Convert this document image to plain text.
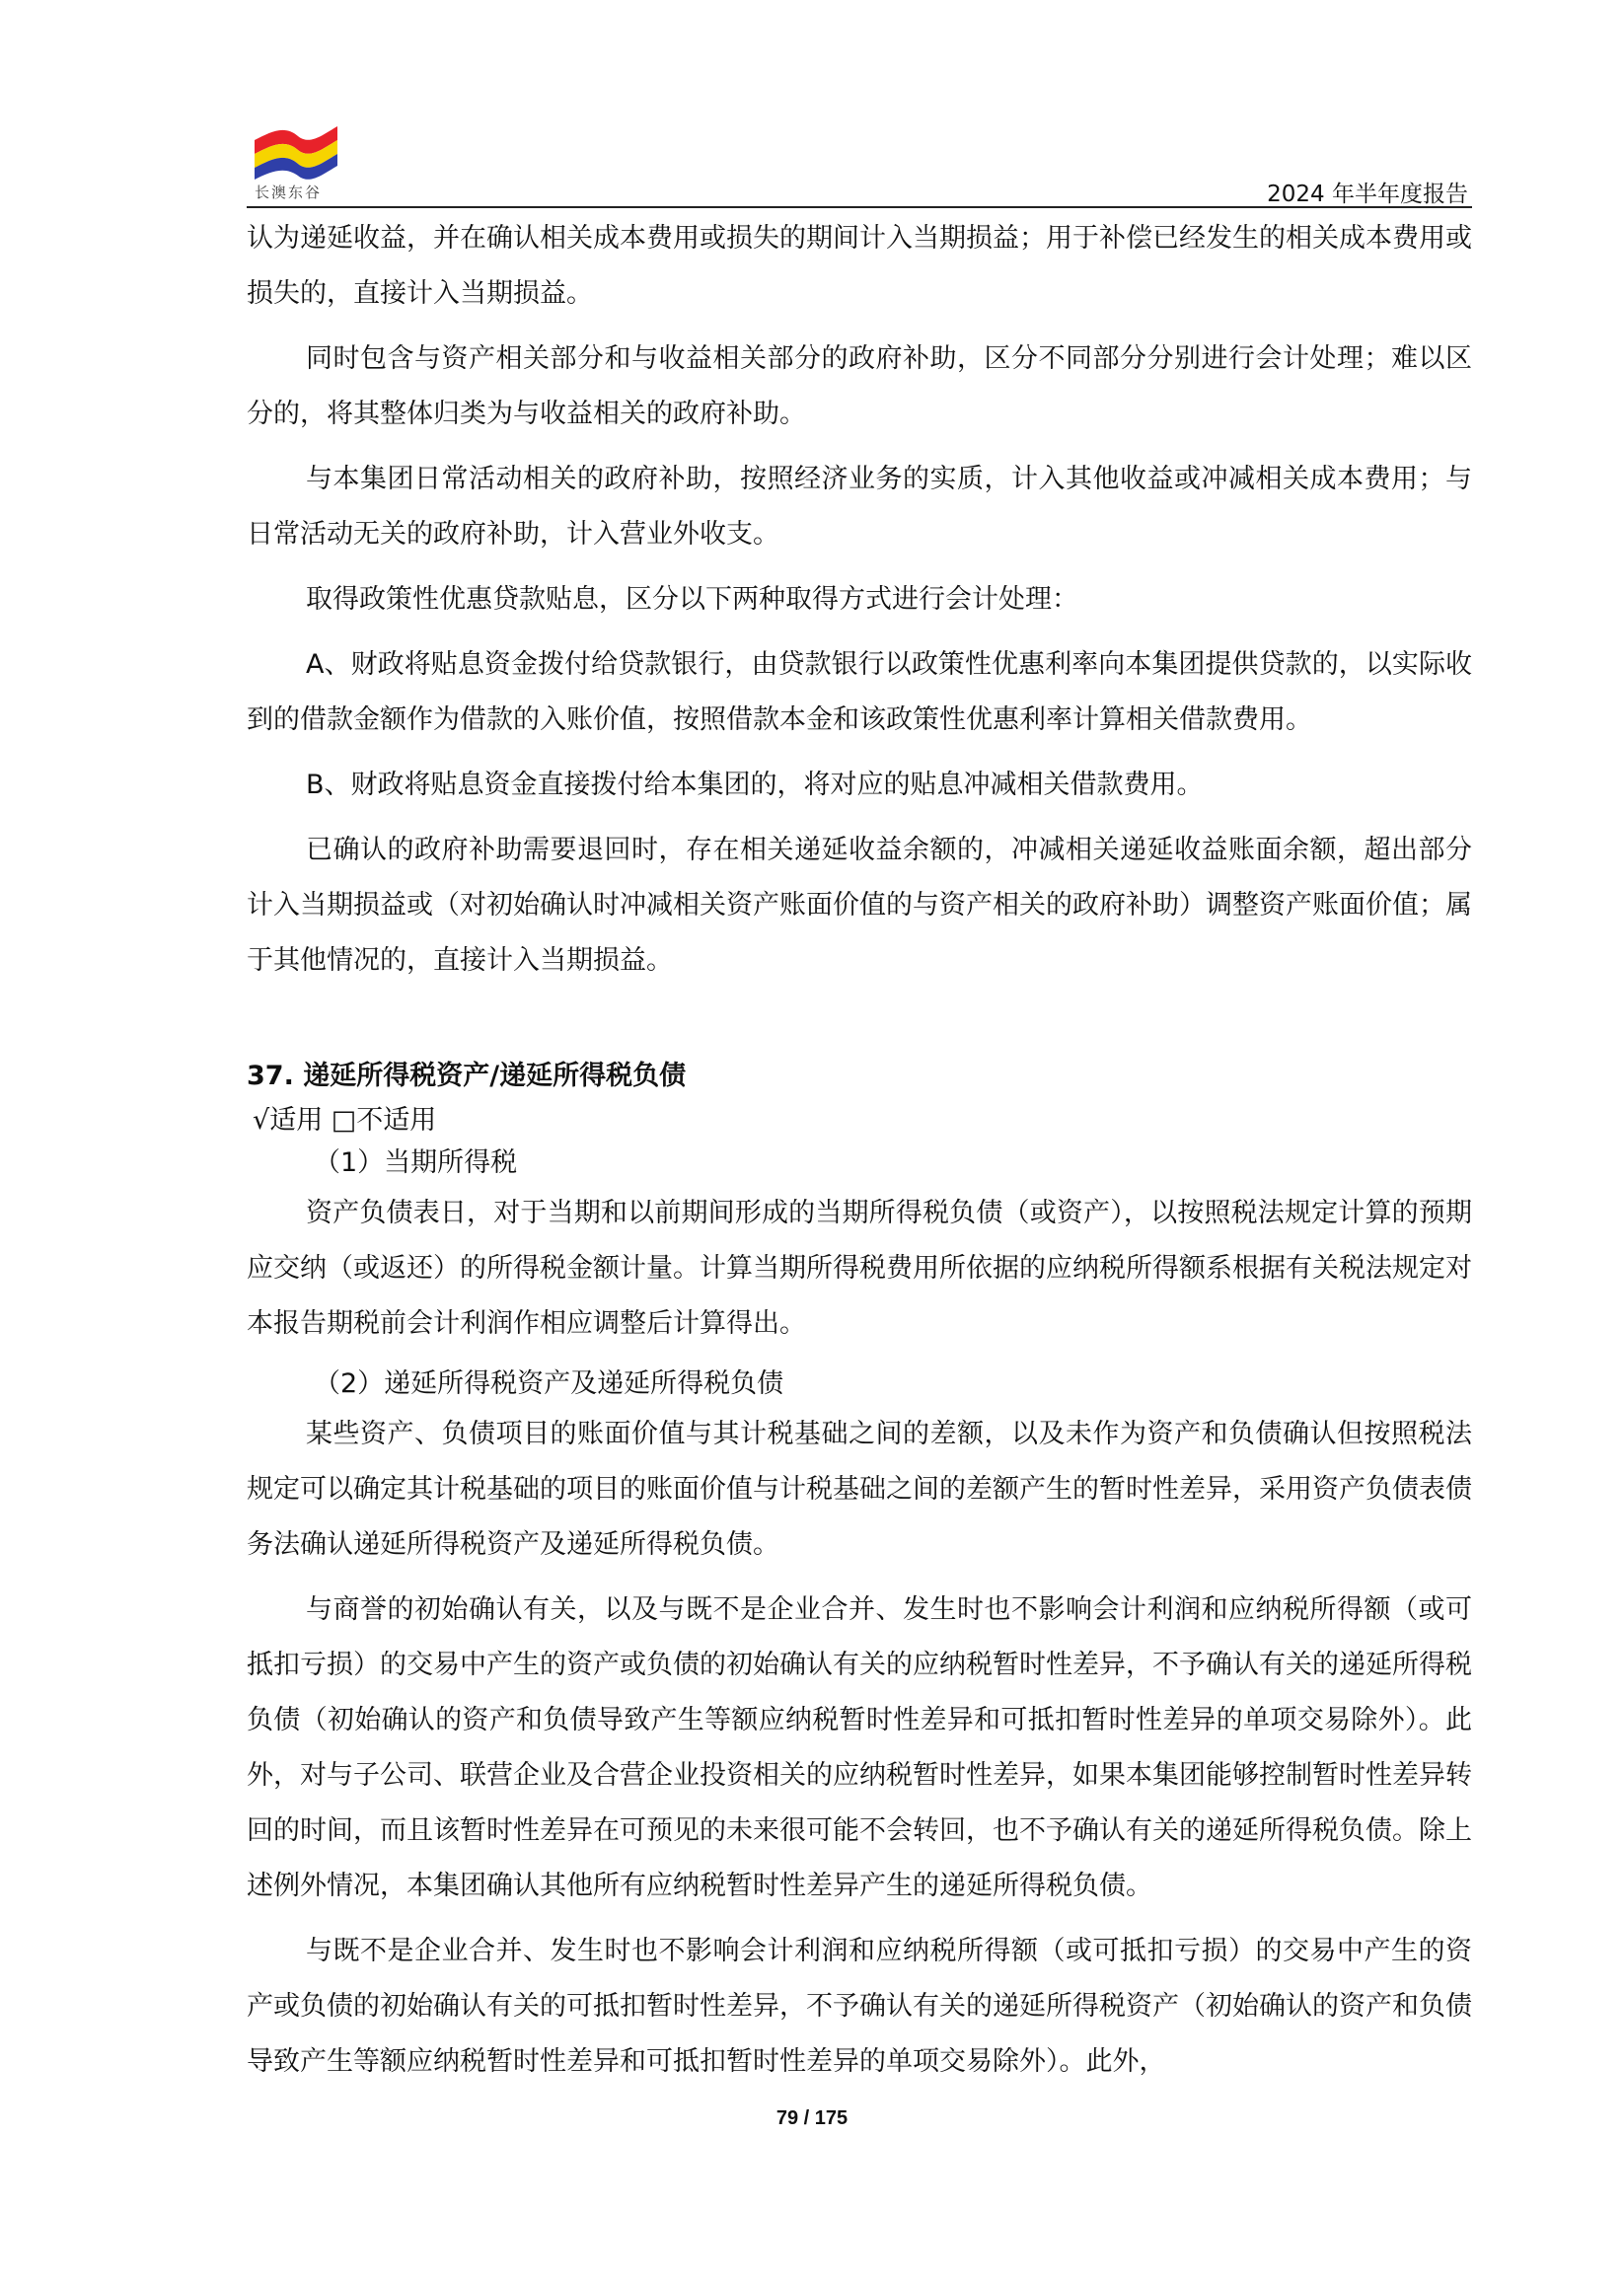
长澳东谷	2024 年半年度报告

认为递延收益，并在确认相关成本费用或损失的期间计入当期损益；用于补偿已经发生的相关成本费用或损失的，直接计入当期损益。

同时包含与资产相关部分和与收益相关部分的政府补助，区分不同部分分别进行会计处理；难以区分的，将其整体归类为与收益相关的政府补助。

与本集团日常活动相关的政府补助，按照经济业务的实质，计入其他收益或冲减相关成本费用；与日常活动无关的政府补助，计入营业外收支。

取得政策性优惠贷款贴息，区分以下两种取得方式进行会计处理：

A、财政将贴息资金拨付给贷款银行，由贷款银行以政策性优惠利率向本集团提供贷款的，以实际收到的借款金额作为借款的入账价值，按照借款本金和该政策性优惠利率计算相关借款费用。

B、财政将贴息资金直接拨付给本集团的，将对应的贴息冲减相关借款费用。

已确认的政府补助需要退回时，存在相关递延收益余额的，冲减相关递延收益账面余额，超出部分计入当期损益或（对初始确认时冲减相关资产账面价值的与资产相关的政府补助）调整资产账面价值；属于其他情况的，直接计入当期损益。

37. 递延所得税资产/递延所得税负债

√适用 □不适用

（1）当期所得税

资产负债表日，对于当期和以前期间形成的当期所得税负债（或资产），以按照税法规定计算的预期应交纳（或返还）的所得税金额计量。计算当期所得税费用所依据的应纳税所得额系根据有关税法规定对本报告期税前会计利润作相应调整后计算得出。

（2）递延所得税资产及递延所得税负债

某些资产、负债项目的账面价值与其计税基础之间的差额，以及未作为资产和负债确认但按照税法规定可以确定其计税基础的项目的账面价值与计税基础之间的差额产生的暂时性差异，采用资产负债表债务法确认递延所得税资产及递延所得税负债。

与商誉的初始确认有关，以及与既不是企业合并、发生时也不影响会计利润和应纳税所得额（或可抵扣亏损）的交易中产生的资产或负债的初始确认有关的应纳税暂时性差异，不予确认有关的递延所得税负债（初始确认的资产和负债导致产生等额应纳税暂时性差异和可抵扣暂时性差异的单项交易除外）。此外，对与子公司、联营企业及合营企业投资相关的应纳税暂时性差异，如果本集团能够控制暂时性差异转回的时间，而且该暂时性差异在可预见的未来很可能不会转回，也不予确认有关的递延所得税负债。除上述例外情况，本集团确认其他所有应纳税暂时性差异产生的递延所得税负债。

与既不是企业合并、发生时也不影响会计利润和应纳税所得额（或可抵扣亏损）的交易中产生的资产或负债的初始确认有关的可抵扣暂时性差异，不予确认有关的递延所得税资产（初始确认的资产和负债导致产生等额应纳税暂时性差异和可抵扣暂时性差异的单项交易除外）。此外，

79 / 175
